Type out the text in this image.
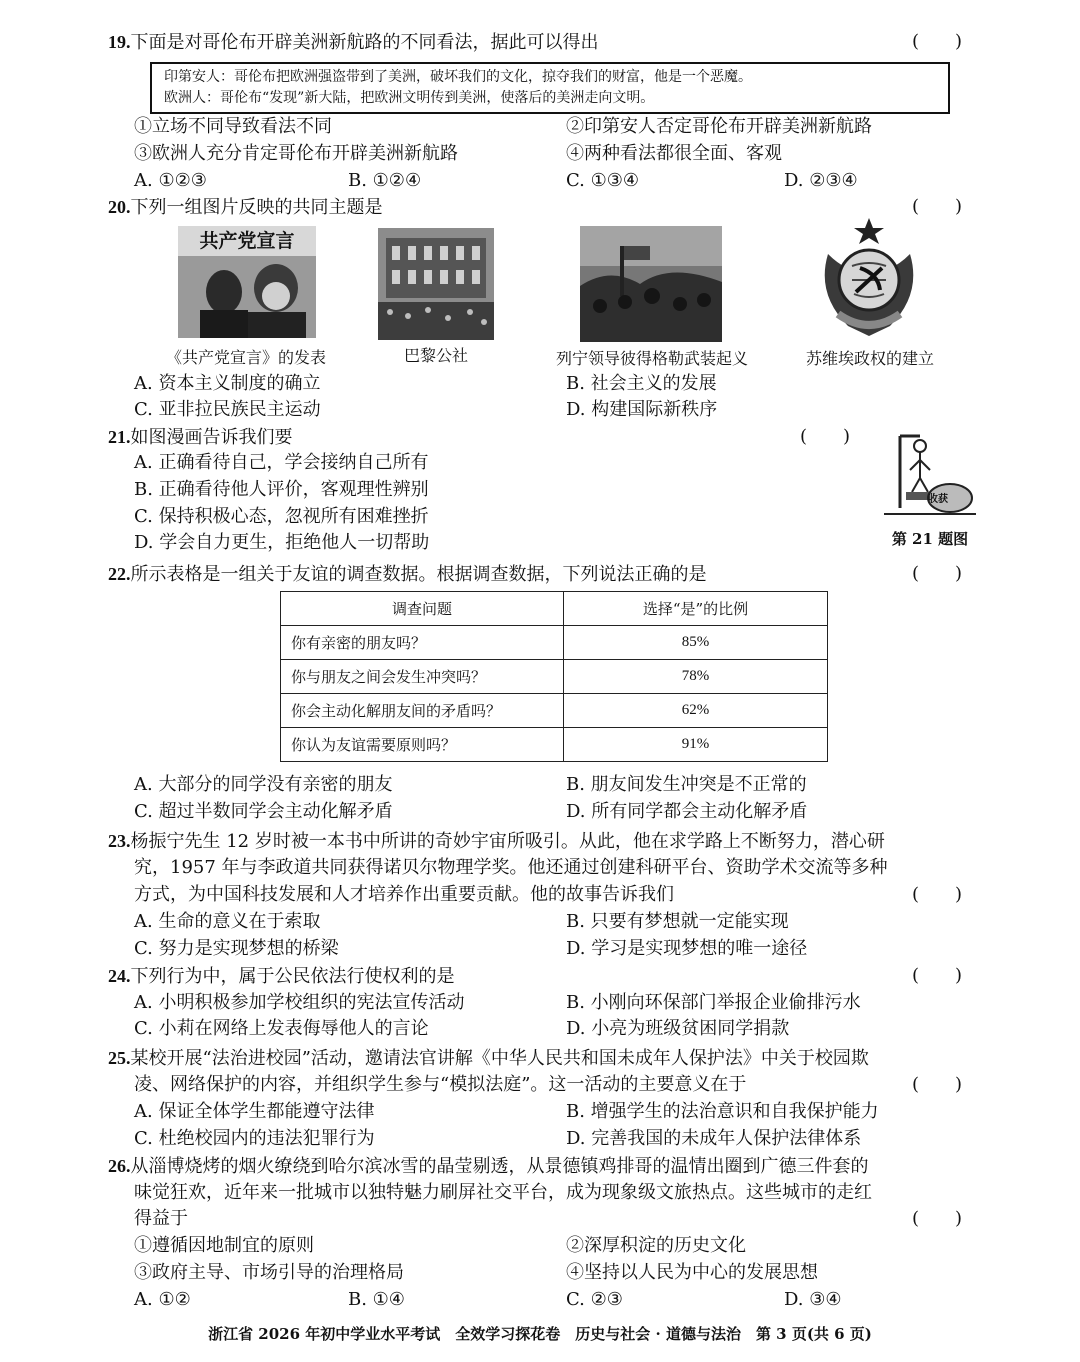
19.下面是对哥伦布开辟美洲新航路的不同看法，据此可以得出	(　　)
印第安人：哥伦布把欧洲强盗带到了美洲，破坏我们的文化，掠夺我们的财富，他是一个恶魔。
欧洲人：哥伦布“发现”新大陆，把欧洲文明传到美洲，使落后的美洲走向文明。
①立场不同导致看法不同	②印第安人否定哥伦布开辟美洲新航路
③欧洲人充分肯定哥伦布开辟美洲新航路	④两种看法都很全面、客观
A. ①②③	B. ①②④	C. ①③④	D. ②③④
20.下列一组图片反映的共同主题是	(　　)
共产党宣言
《共产党宣言》的发表	巴黎公社	列宁领导彼得格勒武装起义	苏维埃政权的建立
A. 资本主义制度的确立	B. 社会主义的发展
C. 亚非拉民族民主运动	D. 构建国际新秩序
21.如图漫画告诉我们要	(　　)
A. 正确看待自己，学会接纳自己所有
B. 正确看待他人评价，客观理性辨别
C. 保持积极心态，忽视所有困难挫折
D. 学会自力更生，拒绝他人一切帮助
收获
第 21 题图
22.所示表格是一组关于友谊的调查数据。根据调查数据，下列说法正确的是	(　　)
调查问题	选择“是”的比例
你有亲密的朋友吗？	85%
你与朋友之间会发生冲突吗？	78%
你会主动化解朋友间的矛盾吗？	62%
你认为友谊需要原则吗？	91%
A. 大部分的同学没有亲密的朋友	B. 朋友间发生冲突是不正常的
C. 超过半数同学会主动化解矛盾	D. 所有同学都会主动化解矛盾
23.杨振宁先生 12 岁时被一本书中所讲的奇妙宇宙所吸引。从此，他在求学路上不断努力，潜心研
究，1957 年与李政道共同获得诺贝尔物理学奖。他还通过创建科研平台、资助学术交流等多种
方式，为中国科技发展和人才培养作出重要贡献。他的故事告诉我们	(　　)
A. 生命的意义在于索取	B. 只要有梦想就一定能实现
C. 努力是实现梦想的桥梁	D. 学习是实现梦想的唯一途径
24.下列行为中，属于公民依法行使权利的是	(　　)
A. 小明积极参加学校组织的宪法宣传活动	B. 小刚向环保部门举报企业偷排污水
C. 小莉在网络上发表侮辱他人的言论	D. 小亮为班级贫困同学捐款
25.某校开展“法治进校园”活动，邀请法官讲解《中华人民共和国未成年人保护法》中关于校园欺
凌、网络保护的内容，并组织学生参与“模拟法庭”。这一活动的主要意义在于	(　　)
A. 保证全体学生都能遵守法律	B. 增强学生的法治意识和自我保护能力
C. 杜绝校园内的违法犯罪行为	D. 完善我国的未成年人保护法律体系
26.从淄博烧烤的烟火缭绕到哈尔滨冰雪的晶莹剔透，从景德镇鸡排哥的温情出圈到广德三件套的
味觉狂欢，近年来一批城市以独特魅力刷屏社交平台，成为现象级文旅热点。这些城市的走红
得益于	(　　)
①遵循因地制宜的原则	②深厚积淀的历史文化
③政府主导、市场引导的治理格局	④坚持以人民为中心的发展思想
A. ①②	B. ①④	C. ②③	D. ③④
浙江省 2026 年初中学业水平考试　全效学习探花卷　历史与社会 · 道德与法治　第 3 页(共 6 页)
